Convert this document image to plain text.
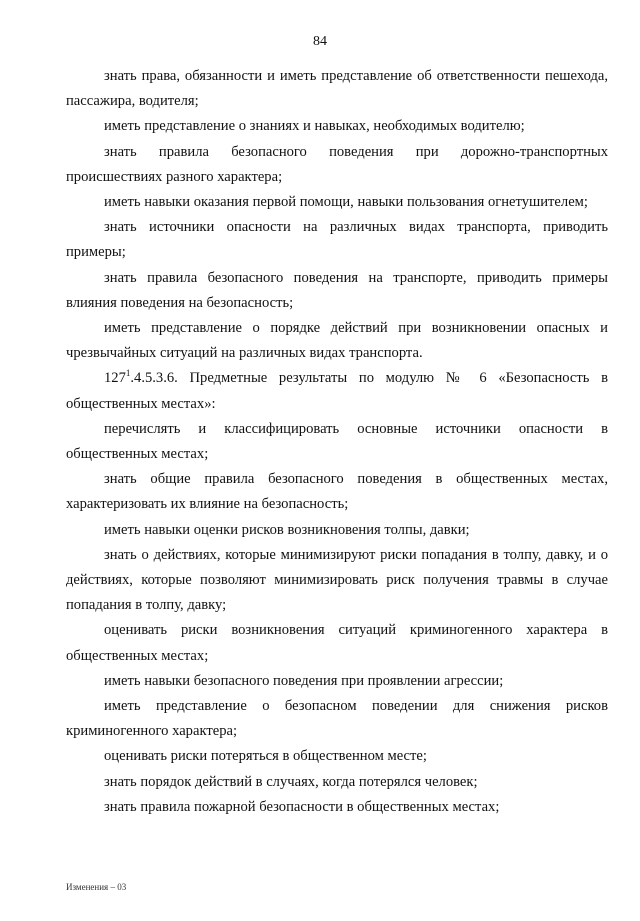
84

знать права, обязанности и иметь представление об ответственности пешехода, пассажира, водителя;

иметь представление о знаниях и навыках, необходимых водителю;

знать правила безопасного поведения при дорожно-транспортных происшествиях разного характера;

иметь навыки оказания первой помощи, навыки пользования огнетушителем;

знать источники опасности на различных видах транспорта, приводить примеры;

знать правила безопасного поведения на транспорте, приводить примеры влияния поведения на безопасность;

иметь представление о порядке действий при возникновении опасных и чрезвычайных ситуаций на различных видах транспорта.

$127^1.4.5.3.6$. Предметные результаты по модулю № 6 «Безопасность в общественных местах»:

перечислять и классифицировать основные источники опасности в общественных местах;

знать общие правила безопасного поведения в общественных местах, характеризовать их влияние на безопасность;

иметь навыки оценки рисков возникновения толпы, давки;

знать о действиях, которые минимизируют риски попадания в толпу, давку, и о действиях, которые позволяют минимизировать риск получения травмы в случае попадания в толпу, давку;

оценивать риски возникновения ситуаций криминогенного характера в общественных местах;

иметь навыки безопасного поведения при проявлении агрессии;

иметь представление о безопасном поведении для снижения рисков криминогенного характера;

оценивать риски потеряться в общественном месте;

знать порядок действий в случаях, когда потерялся человек;

знать правила пожарной безопасности в общественных местах;

Изменения – 03
